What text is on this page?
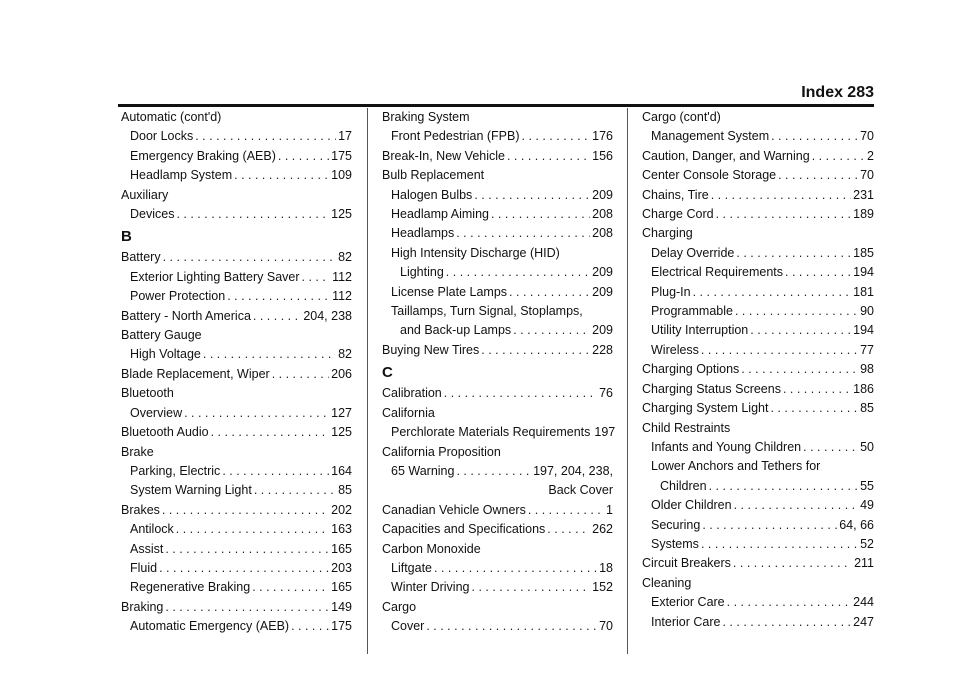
Index 283
Automatic (cont'd)
Door Locks . . .	17
Emergency Braking (AEB) . . .	175
Headlamp System . . .	109
Auxiliary
Devices . . .	125
B
Battery . . .	82
Exterior Lighting Battery Saver . . .	112
Power Protection . . .	112
Battery - North America . . .	204, 238
Battery Gauge
High Voltage . . .	82
Blade Replacement, Wiper . . .	206
Bluetooth
Overview . . .	127
Bluetooth Audio . . .	125
Brake
Parking, Electric . . .	164
System Warning Light . . .	85
Brakes . . .	202
Antilock . . .	163
Assist . . .	165
Fluid . . .	203
Regenerative Braking . . .	165
Braking . . .	149
Automatic Emergency (AEB) . . .	175
Braking System
Front Pedestrian (FPB) . . .	176
Break-In, New Vehicle . . .	156
Bulb Replacement
Halogen Bulbs . . .	209
Headlamp Aiming . . .	208
Headlamps . . .	208
High Intensity Discharge (HID)
Lighting . . .	209
License Plate Lamps . . .	209
Taillamps, Turn Signal, Stoplamps,
and Back-up Lamps . . .	209
Buying New Tires . . .	228
C
Calibration . . .	76
California
Perchlorate Materials Requirements 197
California Proposition
65 Warning . . .	197, 204, 238,
Back Cover
Canadian Vehicle Owners . . .	1
Capacities and Specifications . . .	262
Carbon Monoxide
Liftgate . . .	18
Winter Driving . . .	152
Cargo
Cover . . .	70
Cargo (cont'd)
Management System . . .	70
Caution, Danger, and Warning . . .	2
Center Console Storage . . .	70
Chains, Tire . . .	231
Charge Cord . . .	189
Charging
Delay Override . . .	185
Electrical Requirements . . .	194
Plug-In . . .	181
Programmable . . .	90
Utility Interruption . . .	194
Wireless . . .	77
Charging Options . . .	98
Charging Status Screens . . .	186
Charging System Light . . .	85
Child Restraints
Infants and Young Children . . .	50
Lower Anchors and Tethers for
Children . . .	55
Older Children . . .	49
Securing . . .	64, 66
Systems . . .	52
Circuit Breakers . . .	211
Cleaning
Exterior Care . . .	244
Interior Care . . .	247
